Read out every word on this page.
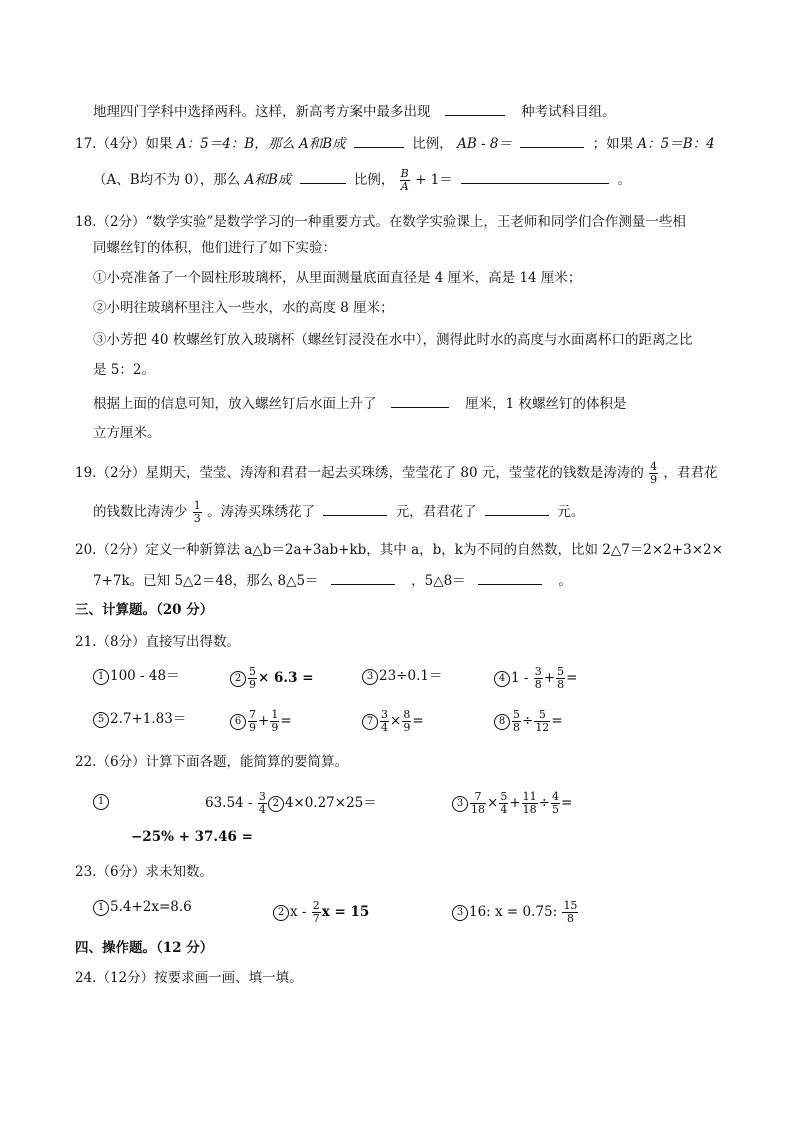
地理四门学科中选择两科。这样，新高考方案中最多出现	种考试科目组。
17.（4分）如果 A：5＝4：B，那么 A和B成	比例， AB - 8＝	；如果 A：5＝B：4
（A、B均不为 0），那么 A和B成	比例， $\frac{B}{A} + 1=$	。
18.（2分）“数学实验”是数学学习的一种重要方式。在数学实验课上，王老师和同学们合作测量一些相
同螺丝钉的体积，他们进行了如下实验：
①小亮准备了一个圆柱形玻璃杯，从里面测量底面直径是 4 厘米，高是 14 厘米；
②小明往玻璃杯里注入一些水，水的高度 8 厘米；
③小芳把 40 枚螺丝钉放入玻璃杯（螺丝钉浸没在水中），测得此时水的高度与水面离杯口的距离之比
是 5：2。
根据上面的信息可知，放入螺丝钉后水面上升了	厘米，1 枚螺丝钉的体积是
立方厘米。
19.（2分）星期天，莹莹、涛涛和君君一起去买珠绣，莹莹花了 80 元，莹莹花的钱数是涛涛的 $\frac{4}{9}$ ，君君花
的钱数比涛涛少 $\frac{1}{3}$ 。涛涛买珠绣花了	元，君君花了	元。
20.（2分）定义一种新算法 a△b＝2a+3ab+kb，其中 a，b，k为不同的自然数，比如 2△7＝2×2+3×2×
7+7k。已知 5△2＝48，那么 8△5＝	，5△8＝	。
三、计算题。（20 分）
21.（8分）直接写出得数。
1 100 - 48＝	$2 \frac{5}{9} \times 6.3$ =	3 23÷0.1＝	4 $1 - \frac{3}{8} + \frac{5}{8}$ =
5 2.7+1.83＝	$6 \frac{7}{9} + \frac{1}{9}$ =	$7 \frac{3}{4} \times \frac{8}{9}$ =	$8 \frac{5}{8} \div \frac{5}{12}$ =
22.（6分）计算下面各题，能简算的要简算。
1	$63.54 - \frac{3}{4} 2$ 4×0.27×25＝	$3 \frac{7}{18} \times \frac{5}{4} + \frac{11}{18} \div \frac{4}{5}$ =
−25% + 37.46 =
23.（6分）求未知数。
1 5.4+2x=8.6	2 x - $\frac{2}{7}$ x = 15	3 16: x = 0.75: $\frac{15}{8}$
四、操作题。（12 分）
24.（12分）按要求画一画、填一填。
